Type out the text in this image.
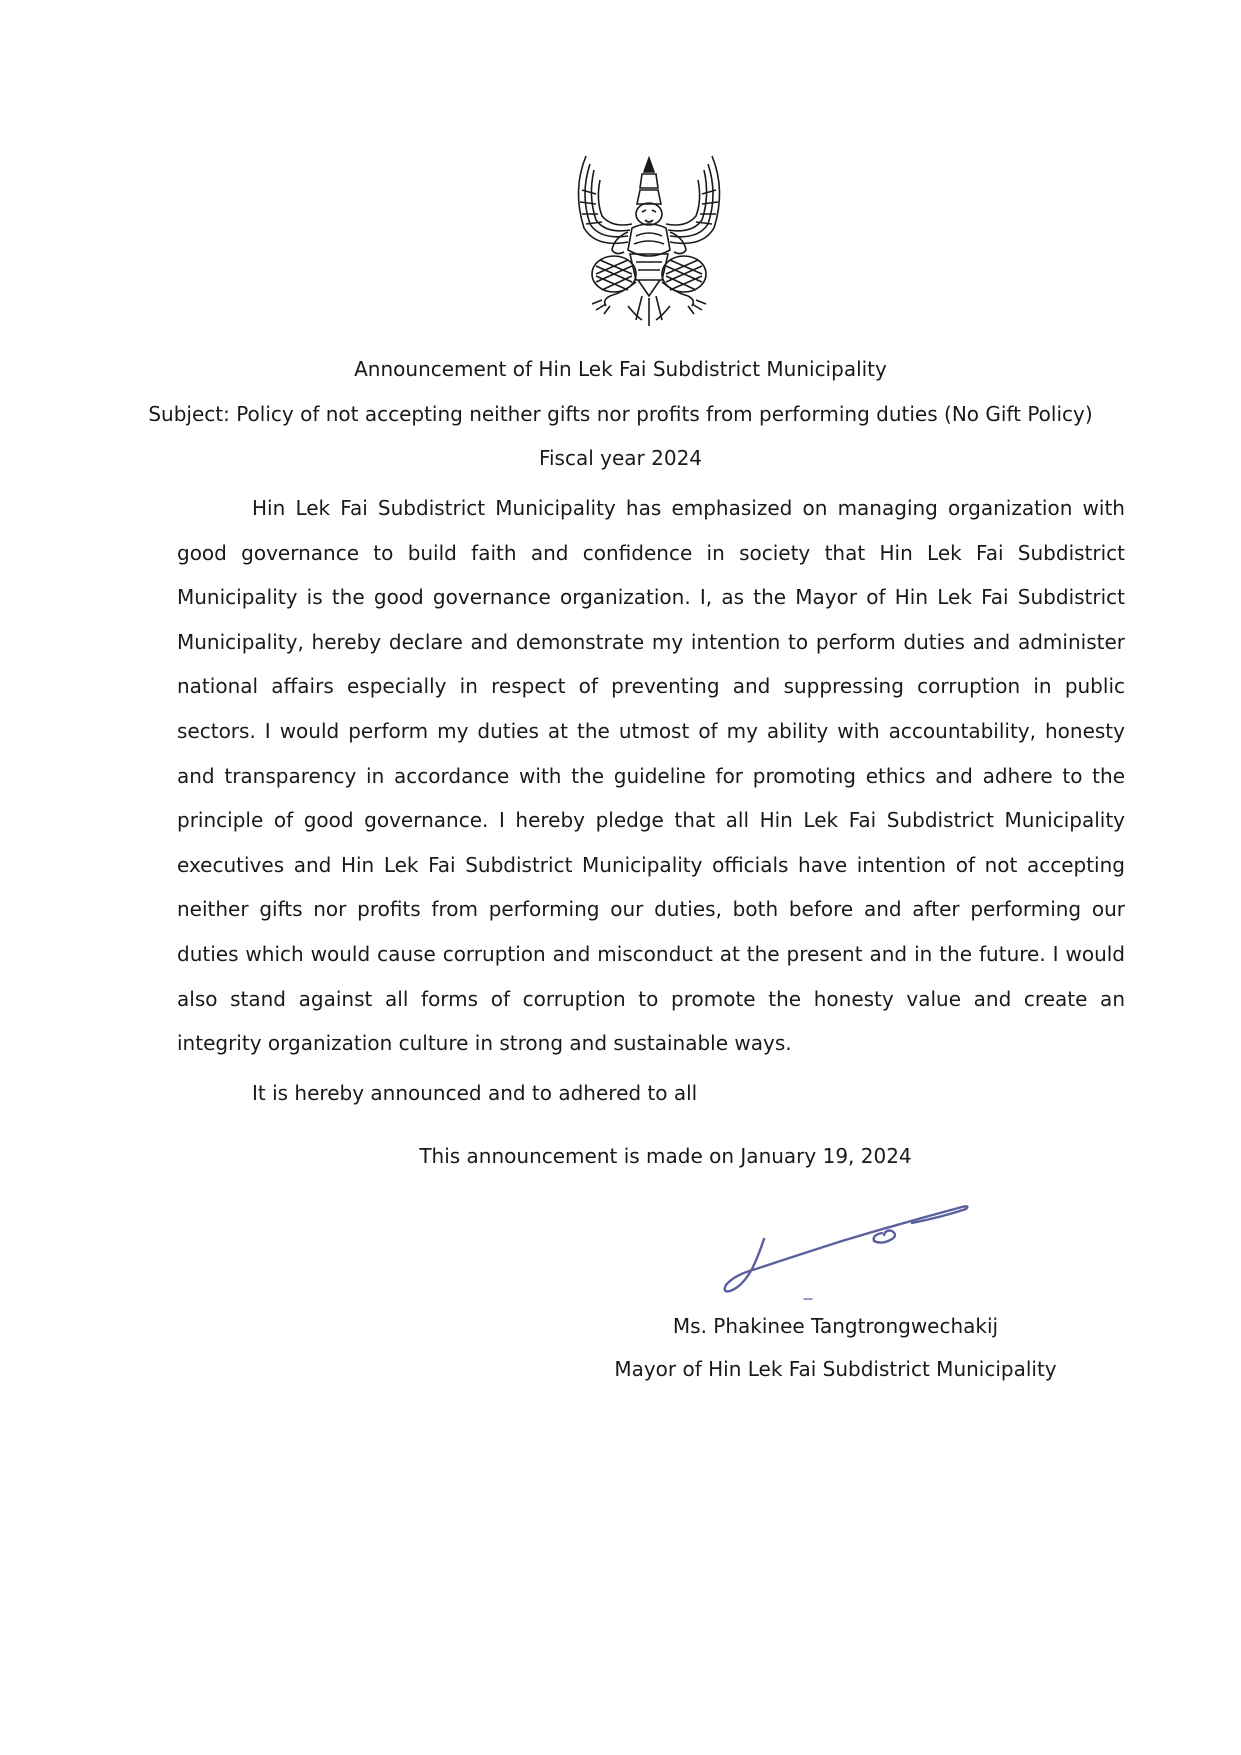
Announcement of Hin Lek Fai Subdistrict Municipality
Subject: Policy of not accepting neither gifts nor profits from performing duties (No Gift Policy)
Fiscal year 2024

Hin Lek Fai Subdistrict Municipality has emphasized on managing organization with good governance to build faith and confidence in society that Hin Lek Fai Subdistrict Municipality is the good governance organization. I, as the Mayor of Hin Lek Fai Subdistrict Municipality, hereby declare and demonstrate my intention to perform duties and administer national affairs especially in respect of preventing and suppressing corruption in public sectors. I would perform my duties at the utmost of my ability with accountability, honesty and transparency in accordance with the guideline for promoting ethics and adhere to the principle of good governance. I hereby pledge that all Hin Lek Fai Subdistrict Municipality executives and Hin Lek Fai Subdistrict Municipality officials have intention of not accepting neither gifts nor profits from performing our duties, both before and after performing our duties which would cause corruption and misconduct at the present and in the future. I would also stand against all forms of corruption to promote the honesty value and create an integrity organization culture in strong and sustainable ways.

It is hereby announced and to adhered to all
This announcement is made on January 19, 2024
Ms. Phakinee Tangtrongwechakij
Mayor of Hin Lek Fai Subdistrict Municipality
